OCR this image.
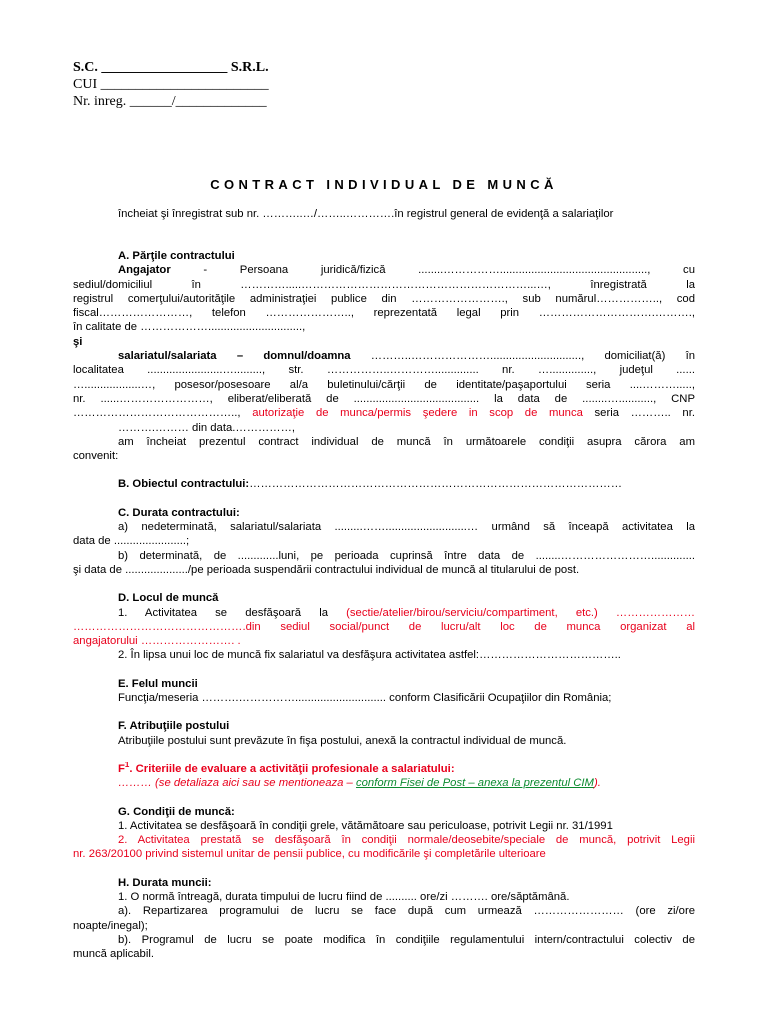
S.C. __________________ S.R.L.
CUI ________________________
Nr. inreg. ______/_____________
CONTRACT INDIVIDUAL DE MUNCĂ
încheiat şi înregistrat sub nr. ………..…/……..………….în registrul general de evidenţă a salariaţilor
A. Părţile contractului
Angajator - Persoana juridică/fizică ........……………..............................................., cu
sediul/domiciliul în ………….....……………………………………………………...…, înregistrată la
registrul comerţului/autorităţile administraţiei publice din ……………………., sub numărul…………….., cod
fiscal……………………, telefon ………………….., reprezentată legal prin ………………………….……….,
în calitate de ………………..............................,
şi
salariatul/salariata – domnul/doamna ………..…………………............................., domiciliat(ă) în
localitatea ........................…........., str. ……………..………….............. nr. ….............., judeţul ......
…..................…, posesor/posesoare al/a buletinului/cărţii de identitate/paşaportului seria ....……….....,
nr. ......……………………, eliberat/eliberată de ........................................ la data de ........…..........., CNP
…………………………………….., autorizaţie de munca/permis şedere in scop de munca seria ……….. nr.
……….……… din data.……………,
am încheiat prezentul contract individual de muncă în următoarele condiţii asupra cărora am
convenit:
B. Obiectul contractului:………………………………………………………………………………………
C. Durata contractului:
a) nedeterminată, salariatul/salariata .........……..........................… urmând să înceapă activitatea la
data de .......................;
b) determinată, de .............luni, pe perioada cuprinsă între data de ........……………………..............
şi data de ..................../pe perioada suspendării contractului individual de muncă al titularului de post.
D. Locul de muncă
1. Activitatea se desfăşoară la (sectie/atelier/birou/serviciu/compartiment, etc.) …………………
……………………………………….din sediul social/punct de lucru/alt loc de munca organizat al
angajatorului ……………………. .
2. În lipsa unui loc de muncă fix salariatul va desfăşura activitatea astfel:………………………………..
E. Felul muncii
Funcţia/meseria ……….……………............................. conform Clasificării Ocupaţiilor din România;
F. Atribuţiile postului
Atribuţiile postului sunt prevăzute în fişa postului, anexă la contractul individual de muncă.
$F^1$. Criteriile de evaluare a activităţii profesionale a salariatului:
……… (se detaliaza aici sau se mentioneaza – conform Fisei de Post – anexa la prezentul CIM).
G. Condiţii de muncă:
1. Activitatea se desfăşoară în condiţii grele, vătămătoare sau periculoase, potrivit Legii nr. 31/1991
2. Activitatea prestată se desfăşoară în condiţii normale/deosebite/speciale de muncă, potrivit Legii
nr. 263/20100 privind sistemul unitar de pensii publice, cu modificările şi completările ulterioare
H. Durata muncii:
1. O normă întreagă, durata timpului de lucru fiind de .......... ore/zi ………. ore/săptămână.
a). Repartizarea programului de lucru se face după cum urmează …………………… (ore zi/ore
noapte/inegal);
b). Programul de lucru se poate modifica în condiţiile regulamentului intern/contractului colectiv de
muncă aplicabil.
